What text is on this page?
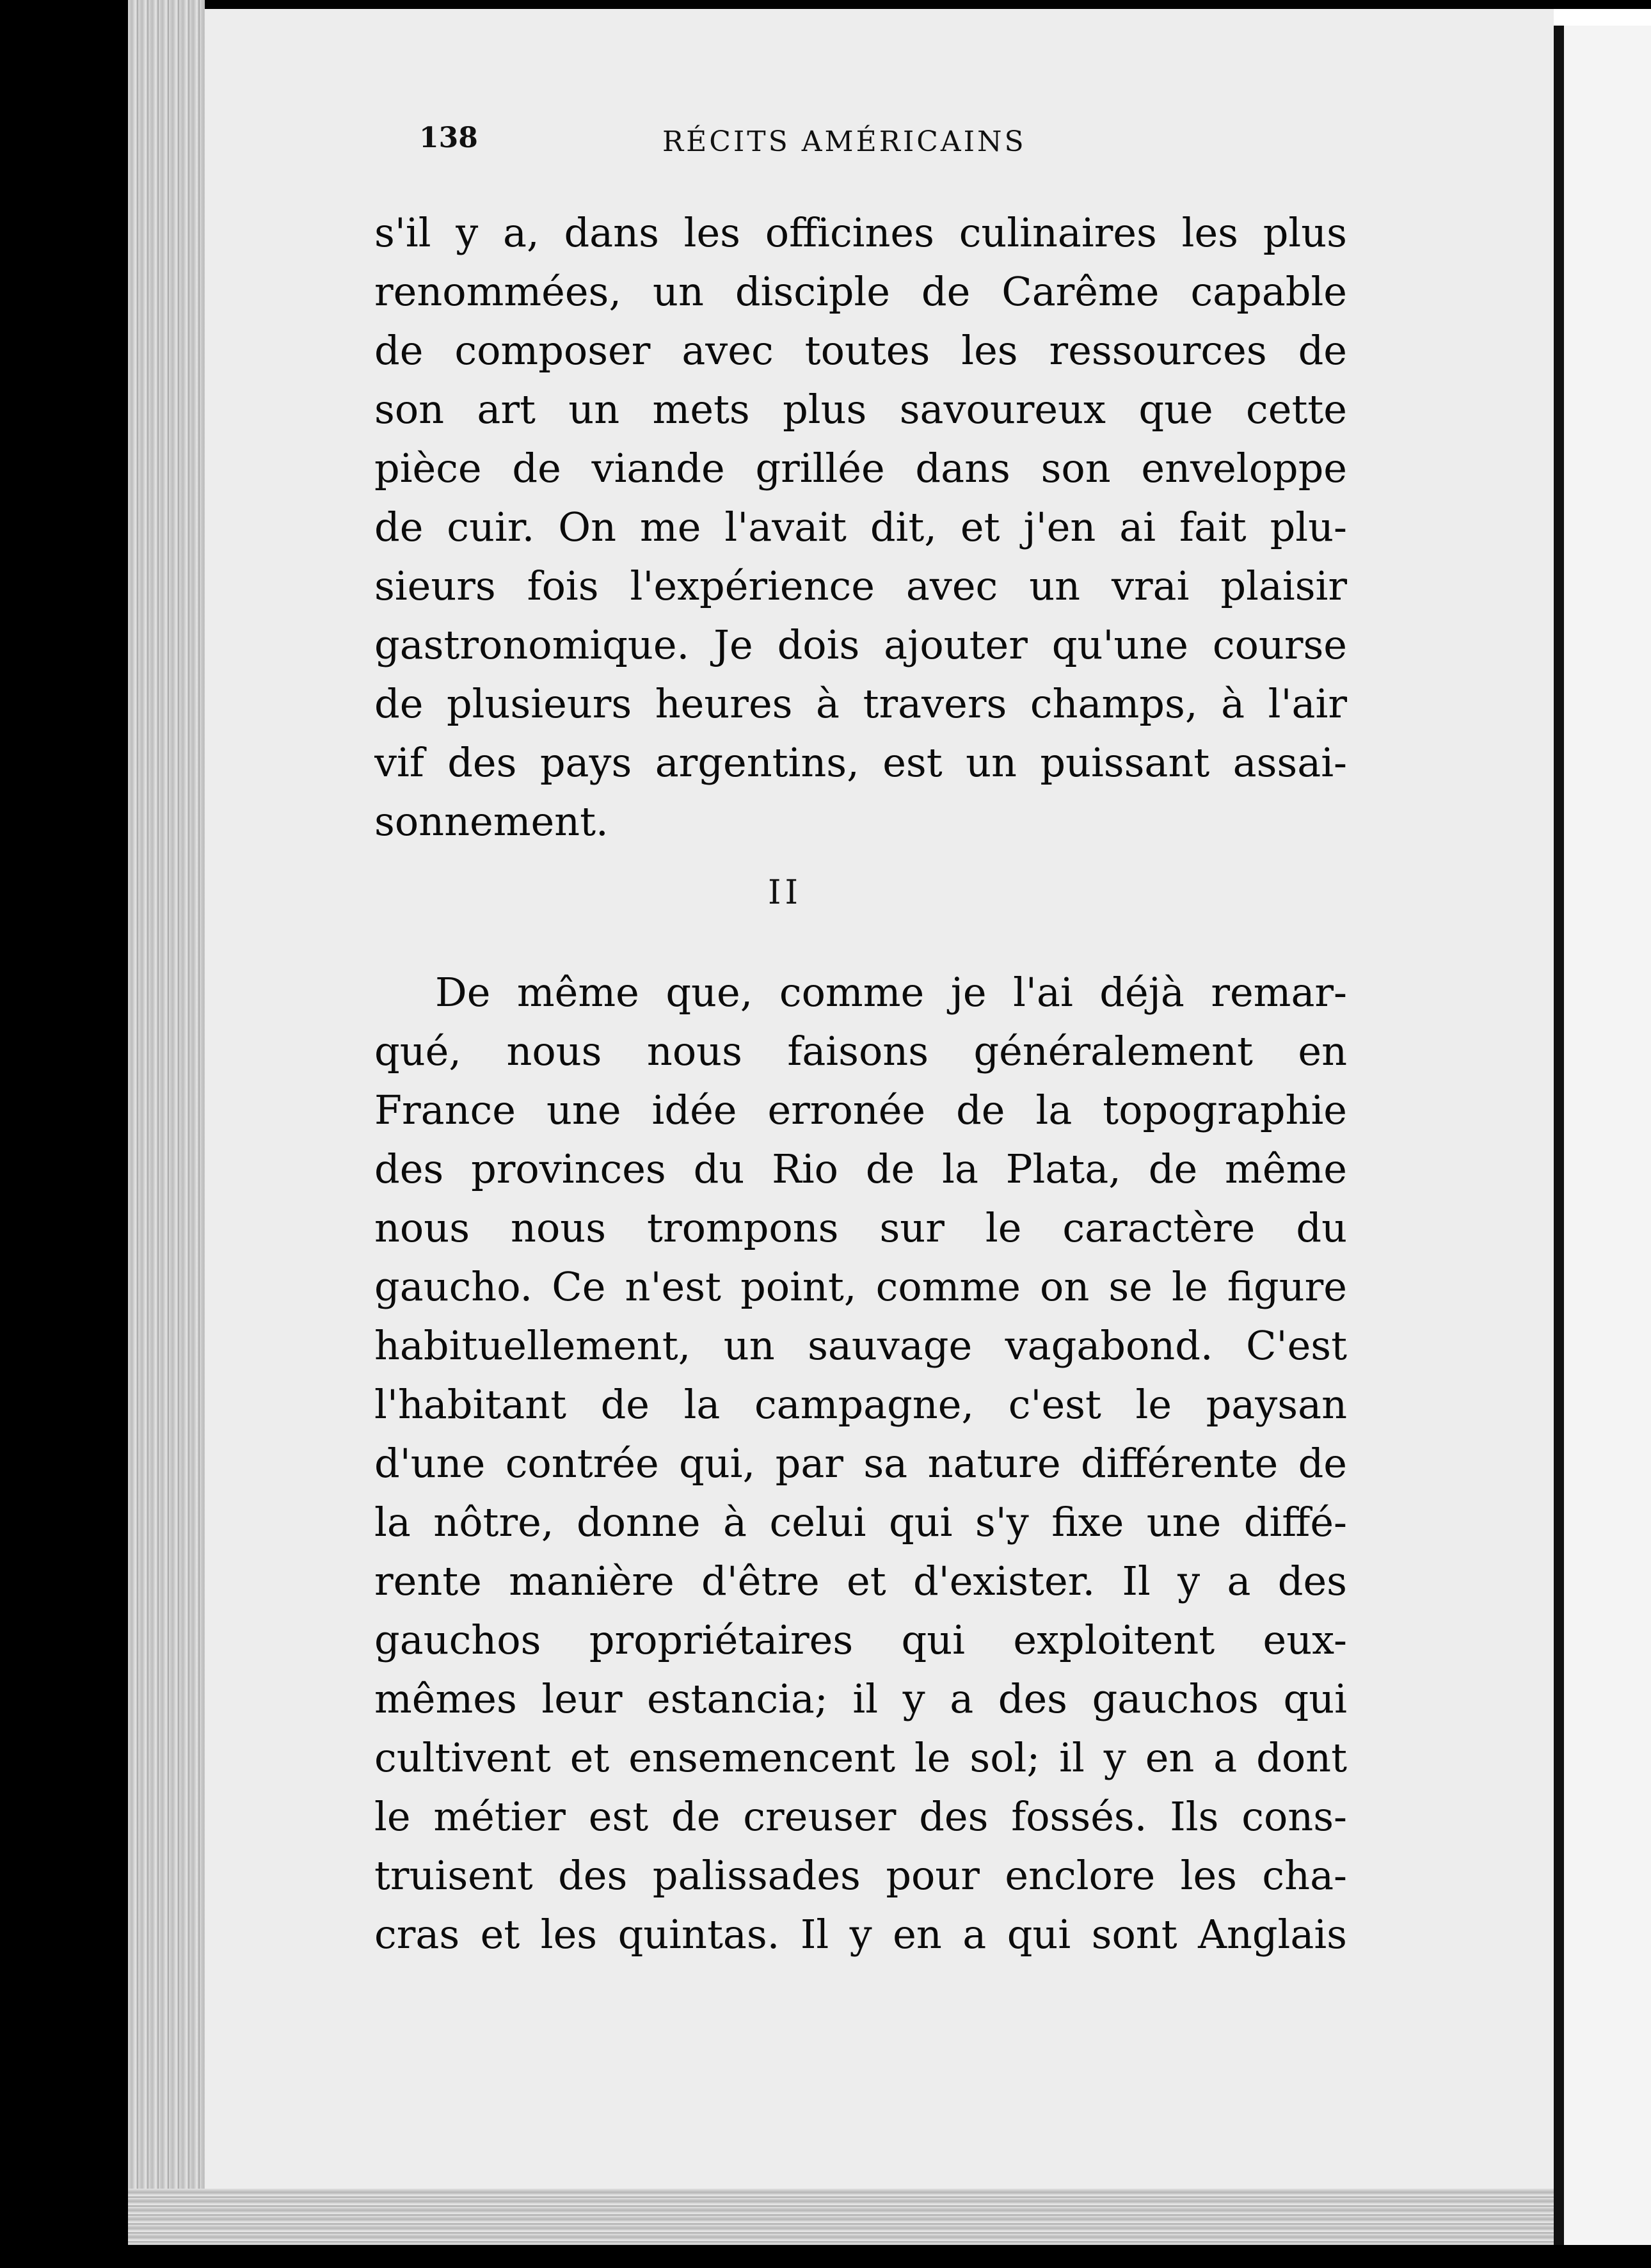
138	RÉCITS AMÉRICAINS
s'il y a, dans les officines culinaires les plus
renommées, un disciple de Carême capable
de composer avec toutes les ressources de
son art un mets plus savoureux que cette
pièce de viande grillée dans son enveloppe
de cuir. On me l'avait dit, et j'en ai fait plu-
sieurs fois l'expérience avec un vrai plaisir
gastronomique. Je dois ajouter qu'une course
de plusieurs heures à travers champs, à l'air
vif des pays argentins, est un puissant assai-
sonnement.
II
De même que, comme je l'ai déjà remar-
qué, nous nous faisons généralement en
France une idée erronée de la topographie
des provinces du Rio de la Plata, de même
nous nous trompons sur le caractère du
gaucho. Ce n'est point, comme on se le figure
habituellement, un sauvage vagabond. C'est
l'habitant de la campagne, c'est le paysan
d'une contrée qui, par sa nature différente de
la nôtre, donne à celui qui s'y fixe une diffé-
rente manière d'être et d'exister. Il y a des
gauchos propriétaires qui exploitent eux-
mêmes leur estancia; il y a des gauchos qui
cultivent et ensemencent le sol; il y en a dont
le métier est de creuser des fossés. Ils cons-
truisent des palissades pour enclore les cha-
cras et les quintas. Il y en a qui sont Anglais
